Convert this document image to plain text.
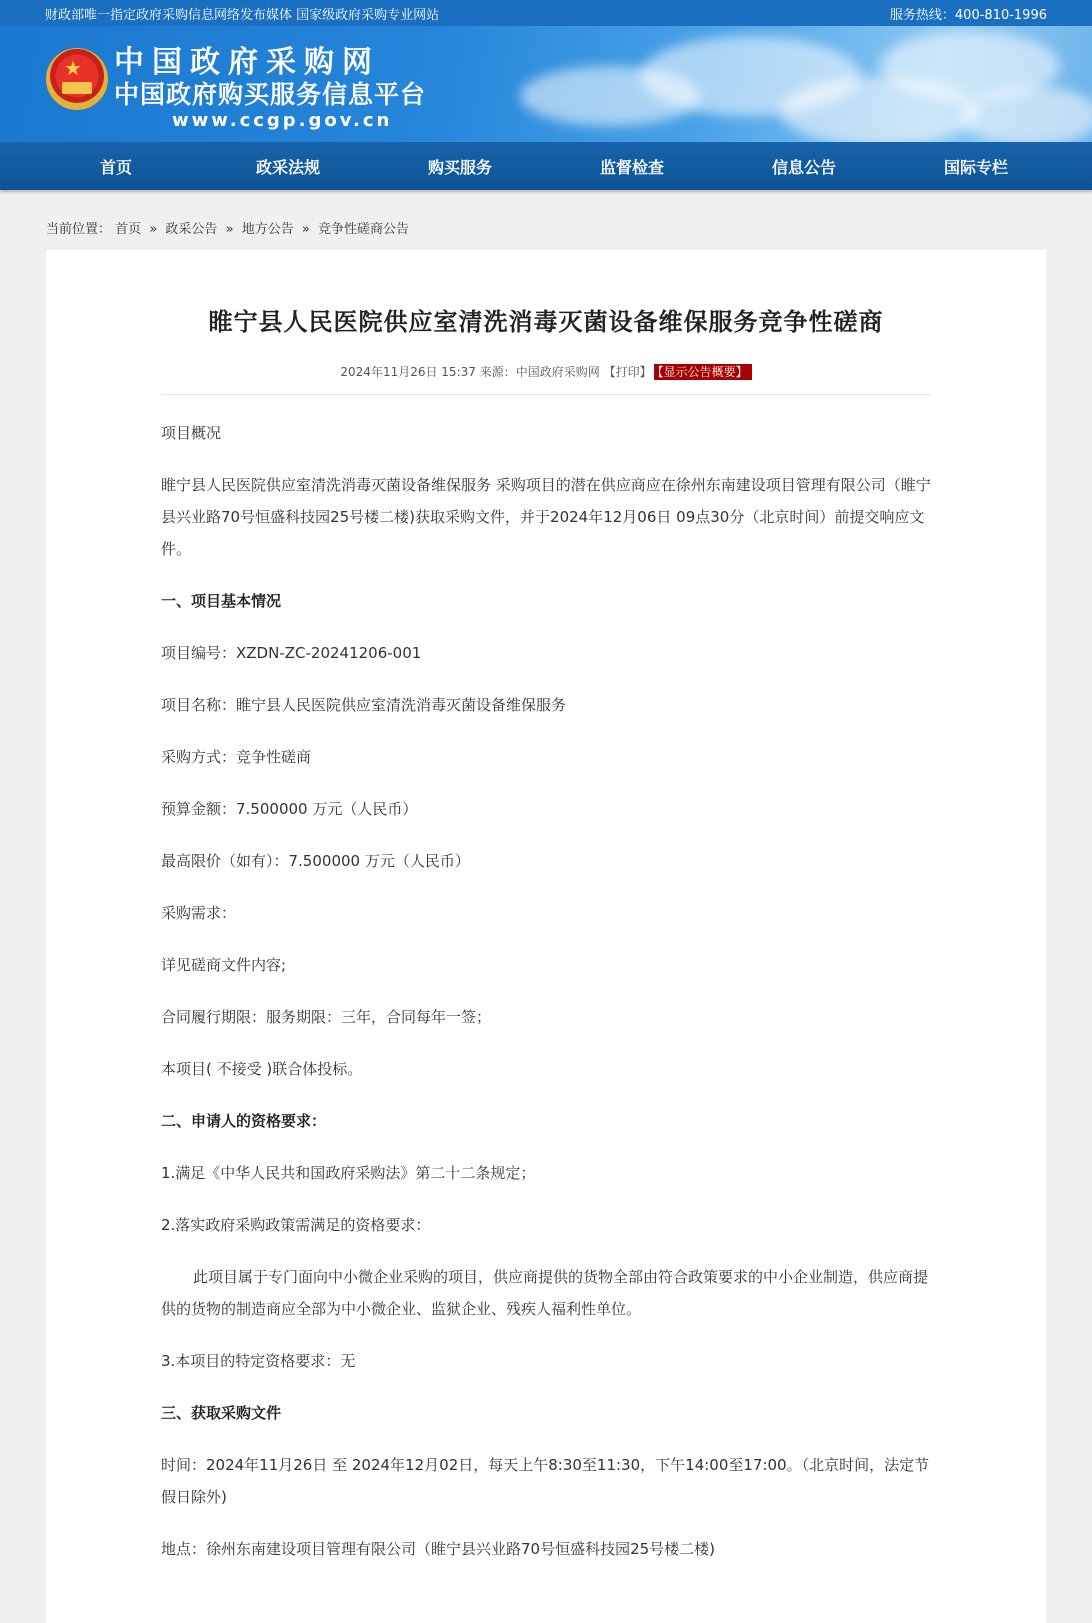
财政部唯一指定政府采购信息网络发布媒体 国家级政府采购专业网站	服务热线：400-810-1996
★ 中国政府采购网
中国政府购买服务信息平台
www.ccgp.gov.cn
首页	政采法规	购买服务	监督检查	信息公告	国际专栏
当前位置： 首页 » 政采公告 » 地方公告 » 竞争性磋商公告
睢宁县人民医院供应室清洗消毒灭菌设备维保服务竞争性磋商
2024年11月26日 15:37 来源：中国政府采购网 【打印】 【显示公告概要】

项目概况

睢宁县人民医院供应室清洗消毒灭菌设备维保服务 采购项目的潜在供应商应在徐州东南建设项目管理有限公司（睢宁县兴业路70号恒盛科技园25号楼二楼)获取采购文件，并于2024年12月06日 09点30分（北京时间）前提交响应文件。

一、项目基本情况

项目编号：XZDN-ZC-20241206-001

项目名称：睢宁县人民医院供应室清洗消毒灭菌设备维保服务

采购方式：竞争性磋商

预算金额：7.500000 万元（人民币）

最高限价（如有）：7.500000 万元（人民币）

采购需求：

详见磋商文件内容;

合同履行期限：服务期限：三年，合同每年一签；

本项目( 不接受 )联合体投标。

二、申请人的资格要求：

1.满足《中华人民共和国政府采购法》第二十二条规定；

2.落实政府采购政策需满足的资格要求：

此项目属于专门面向中小微企业采购的项目，供应商提供的货物全部由符合政策要求的中小企业制造，供应商提供的货物的制造商应全部为中小微企业、监狱企业、残疾人福利性单位。

3.本项目的特定资格要求：无

三、获取采购文件

时间：2024年11月26日 至 2024年12月02日，每天上午8:30至11:30，下午14:00至17:00。（北京时间，法定节假日除外)

地点：徐州东南建设项目管理有限公司（睢宁县兴业路70号恒盛科技园25号楼二楼)
